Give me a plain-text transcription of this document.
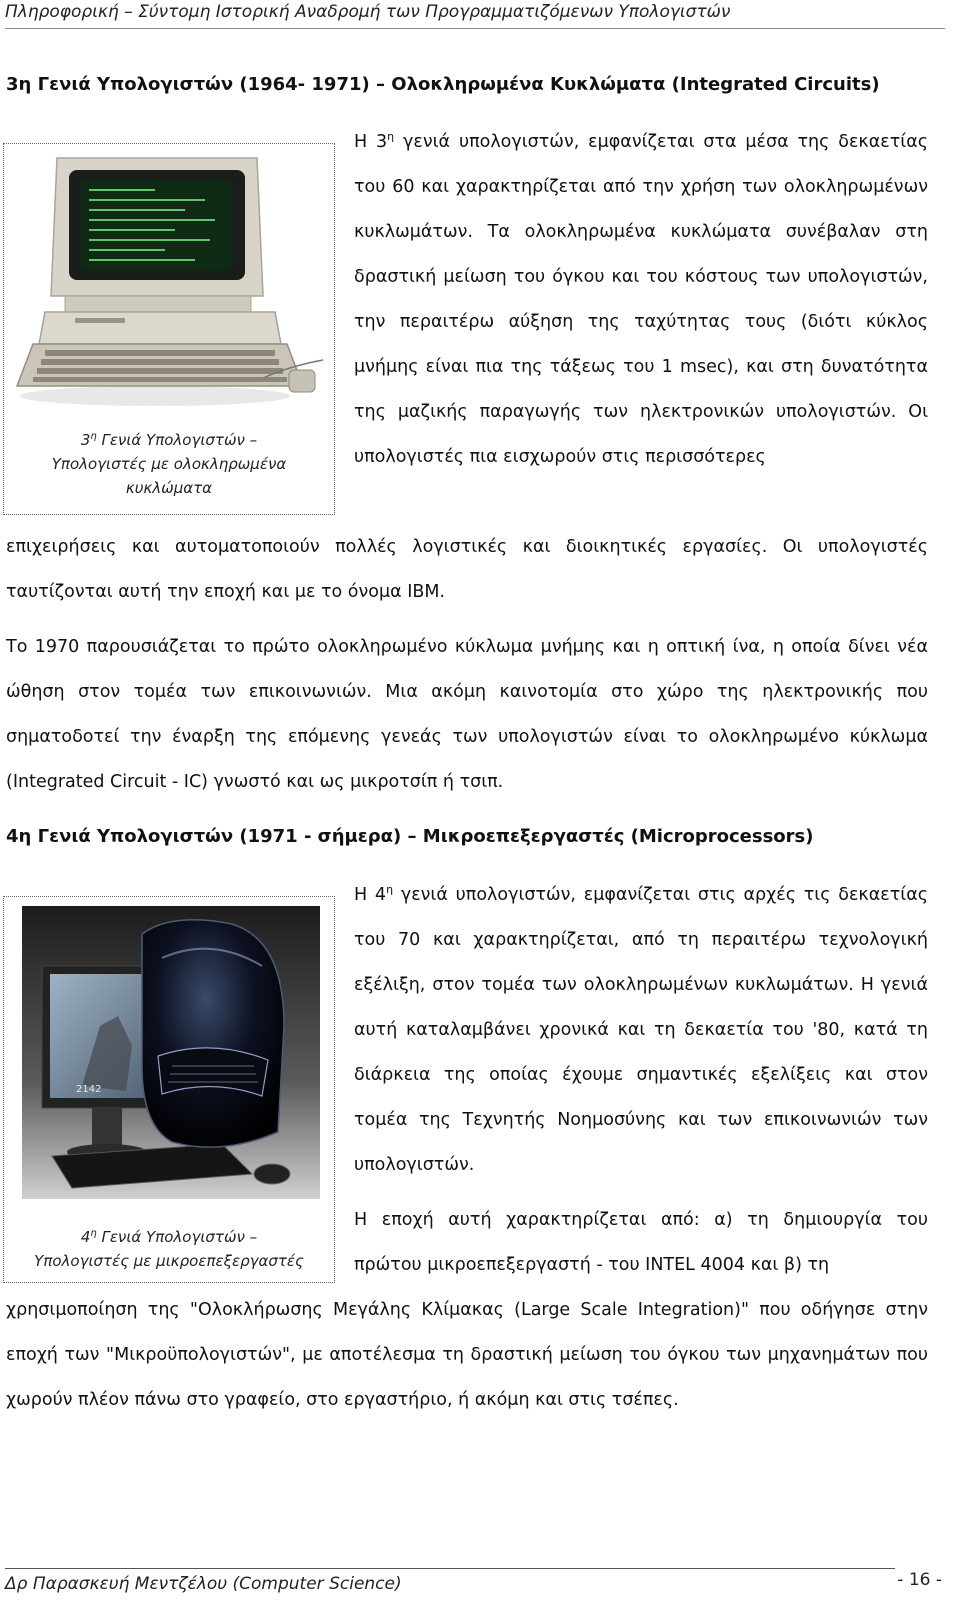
Πληροφορική – Σύντομη Ιστορική Αναδρομή των Προγραμματιζόμενων Υπολογιστών
3η Γενιά Υπολογιστών (1964- 1971) – Ολοκληρωμένα Κυκλώματα (Integrated Circuits)
$3^\eta$ Γενιά Υπολογιστών –
Υπολογιστές με ολοκληρωμένα
κυκλώματα
Η $3^\eta$ γενιά υπολογιστών, εμφανίζεται στα μέσα της δεκαετίας του 60 και χαρακτηρίζεται από την χρήση των ολοκληρωμένων κυκλωμάτων. Τα ολοκληρωμένα κυκλώματα συνέβαλαν στη δραστική μείωση του όγκου και του κόστους των υπολογιστών, την περαιτέρω αύξηση της ταχύτητας τους (διότι κύκλος μνήμης είναι πια της τάξεως του 1 msec), και στη δυνατότητα της μαζικής παραγωγής των ηλεκτρονικών υπολογιστών. Οι υπολογιστές πια εισχωρούν στις περισσότερες
επιχειρήσεις και αυτοματοποιούν πολλές λογιστικές και διοικητικές εργασίες. Οι υπολογιστές ταυτίζονται αυτή την εποχή και με το όνομα IBM.
Το 1970 παρουσιάζεται το πρώτο ολοκληρωμένο κύκλωμα μνήμης και η οπτική ίνα, η οποία δίνει νέα ώθηση στον τομέα των επικοινωνιών. Μια ακόμη καινοτομία στο χώρο της ηλεκτρονικής που σηματοδοτεί την έναρξη της επόμενης γενεάς των υπολογιστών είναι το ολοκληρωμένο κύκλωμα (Integrated Circuit - IC) γνωστό και ως μικροτσίπ ή τσιπ.
4η Γενιά Υπολογιστών (1971 - σήμερα) – Μικροεπεξεργαστές (Microprocessors)
2142
$4^\eta$ Γενιά Υπολογιστών –
Υπολογιστές με μικροεπεξεργαστές
Η $4^\eta$ γενιά υπολογιστών, εμφανίζεται στις αρχές τις δεκαετίας του 70 και χαρακτηρίζεται, από τη περαιτέρω τεχνολογική εξέλιξη, στον τομέα των ολοκληρωμένων κυκλωμάτων. Η γενιά αυτή καταλαμβάνει χρονικά και τη δεκαετία του '80, κατά τη διάρκεια της οποίας έχουμε σημαντικές εξελίξεις και στον τομέα της Τεχνητής Νοημοσύνης και των επικοινωνιών των υπολογιστών.
Η εποχή αυτή χαρακτηρίζεται από: α) τη δημιουργία του πρώτου μικροεπεξεργαστή - του INTEL 4004 και β) τη
χρησιμοποίηση της "Ολοκλήρωσης Μεγάλης Κλίμακας (Large Scale Integration)" που οδήγησε στην εποχή των "Μικροϋπολογιστών", με αποτέλεσμα τη δραστική μείωση του όγκου των μηχανημάτων που χωρούν πλέον πάνω στο γραφείο, στο εργαστήριο, ή ακόμη και στις τσέπες.
Δρ Παρασκευή Μεντζέλου (Computer Science)	- 16 -
